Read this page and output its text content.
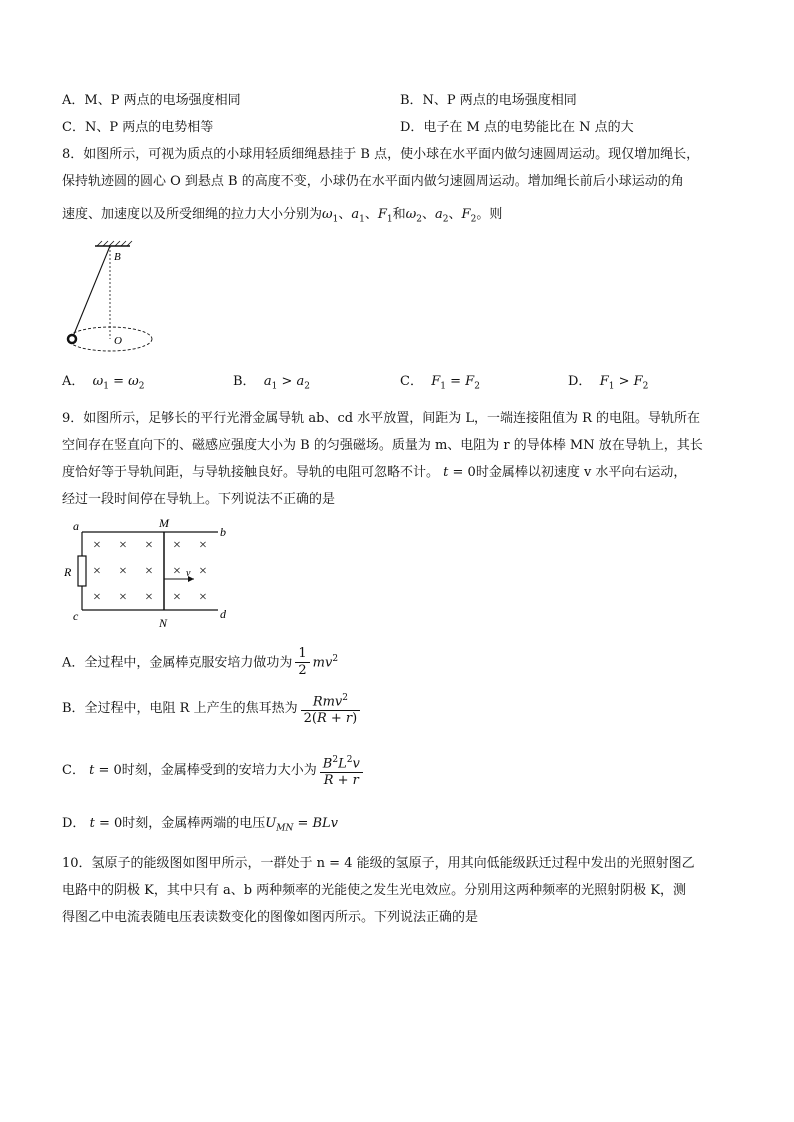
A．M、P 两点的电场强度相同	B．N、P 两点的电场强度相同
C．N、P 两点的电势相等	D．电子在 M 点的电势能比在 N 点的大
8．如图所示，可视为质点的小球用轻质细绳悬挂于 B 点，使小球在水平面内做匀速圆周运动。现仅增加绳长，
保持轨迹圆的圆心 O 到悬点 B 的高度不变，小球仍在水平面内做匀速圆周运动。增加绳长前后小球运动的角
速度、加速度以及所受细绳的拉力大小分别为$\omega_1$、$a_1$、$F_1$和$\omega_2$、$a_2$、$F_2$。则
B
O
A． $\omega_1 = \omega_2$	B． $a_1 > a_2$	C． $F_1 = F_2$	D． $F_1 > F_2$
9．如图所示，足够长的平行光滑金属导轨 ab、cd 水平放置，间距为 L，一端连接阻值为 R 的电阻。导轨所在
空间存在竖直向下的、磁感应强度大小为 B 的匀强磁场。质量为 m、电阻为 r 的导体棒 MN 放在导轨上，其长
度恰好等于导轨间距，与导轨接触良好。导轨的电阻可忽略不计。 t = 0时金属棒以初速度 v 水平向右运动，
经过一段时间停在导轨上。下列说法不正确的是
× × × × ×
× × × × ×
× × × × ×
v
a	b
c	d
M
N
R
A．全过程中，金属棒克服安培力做功为 $\frac{1}{2} mv^2$
B．全过程中，电阻 R 上产生的焦耳热为 $\frac{Rmv^2}{2(R + r)}$
C． t = 0时刻，金属棒受到的安培力大小为 $\frac{B^2L^2v}{R + r}$
D． t = 0时刻，金属棒两端的电压$U_{MN}$ = BLv
10．氢原子的能级图如图甲所示，一群处于 n = 4 能级的氢原子，用其向低能级跃迁过程中发出的光照射图乙
电路中的阴极 K，其中只有 a、b 两种频率的光能使之发生光电效应。分别用这两种频率的光照射阴极 K，测
得图乙中电流表随电压表读数变化的图像如图丙所示。下列说法正确的是
